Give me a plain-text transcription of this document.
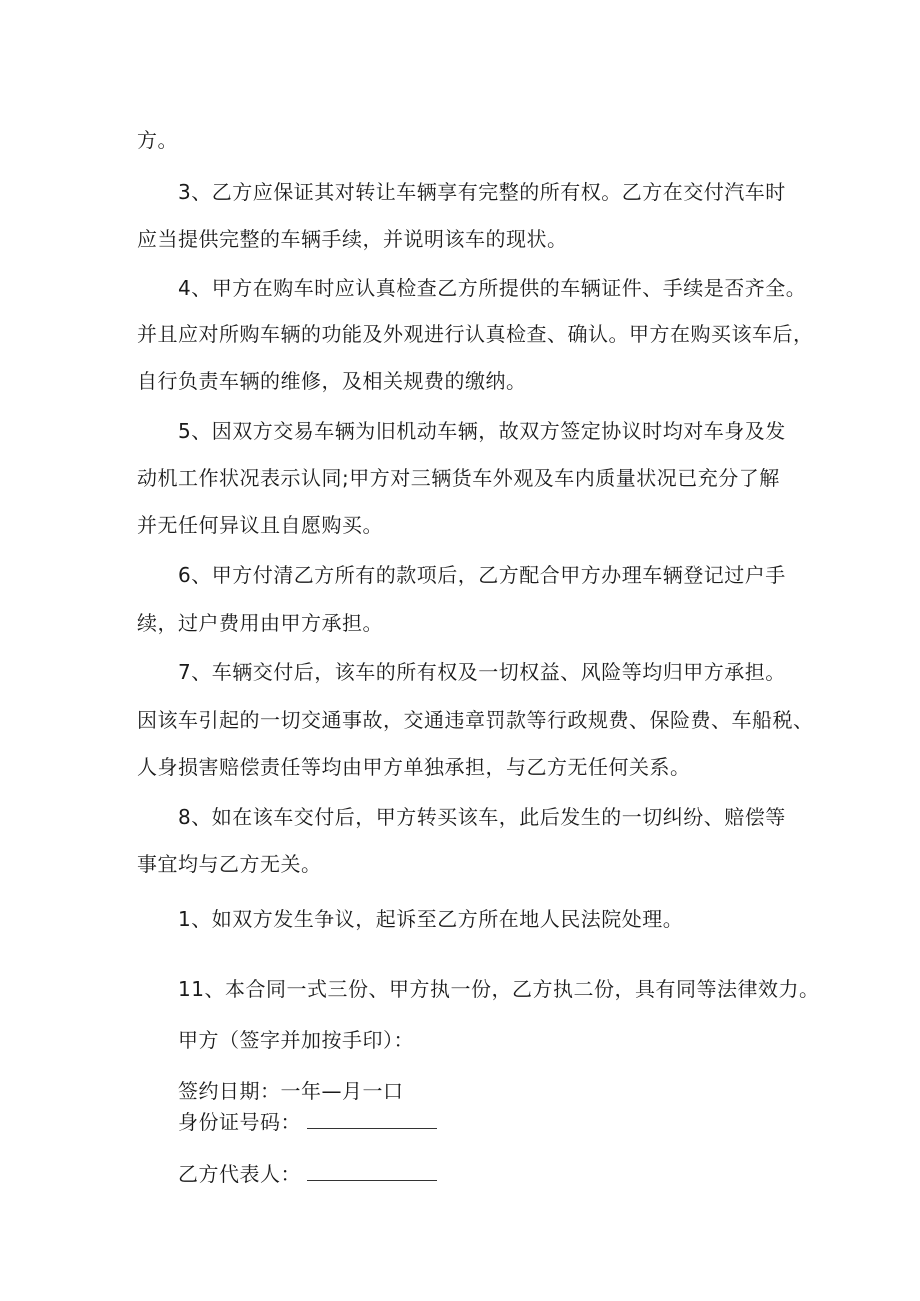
方。
3、乙方应保证其对转让车辆享有完整的所有权。乙方在交付汽车时
应当提供完整的车辆手续，并说明该车的现状。
4、甲方在购车时应认真检查乙方所提供的车辆证件、手续是否齐全。
并且应对所购车辆的功能及外观进行认真检查、确认。甲方在购买该车后，
自行负责车辆的维修，及相关规费的缴纳。
5、因双方交易车辆为旧机动车辆，故双方签定协议时均对车身及发
动机工作状况表示认同;甲方对三辆货车外观及车内质量状况已充分了解
并无任何异议且自愿购买。
6、甲方付清乙方所有的款项后，乙方配合甲方办理车辆登记过户手
续，过户费用由甲方承担。
7、车辆交付后，该车的所有权及一切权益、风险等均归甲方承担。
因该车引起的一切交通事故，交通违章罚款等行政规费、保险费、车船税、
人身损害赔偿责任等均由甲方单独承担，与乙方无任何关系。
8、如在该车交付后，甲方转买该车，此后发生的一切纠纷、赔偿等
事宜均与乙方无关。
1、如双方发生争议，起诉至乙方所在地人民法院处理。
11、本合同一式三份、甲方执一份，乙方执二份，具有同等法律效力。
甲方（签字并加按手印）：
签约日期：一年—月一口
身份证号码：
乙方代表人：
